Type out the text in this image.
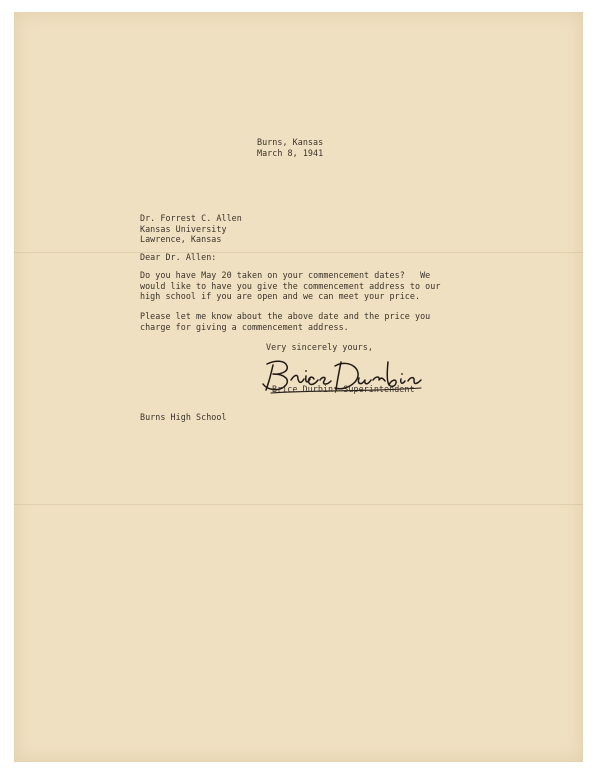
Burns, Kansas
March 8, 1941
Dr. Forrest C. Allen
Kansas University
Lawrence, Kansas
Dear Dr. Allen:
Do you have May 20 taken on your commencement dates?   We
would like to have you give the commencement address to our
high school if you are open and we can meet your price.
Please let me know about the above date and the price you
charge for giving a commencement address.
Very sincerely yours,
Brice Durbin, Superintendent
Burns High School
